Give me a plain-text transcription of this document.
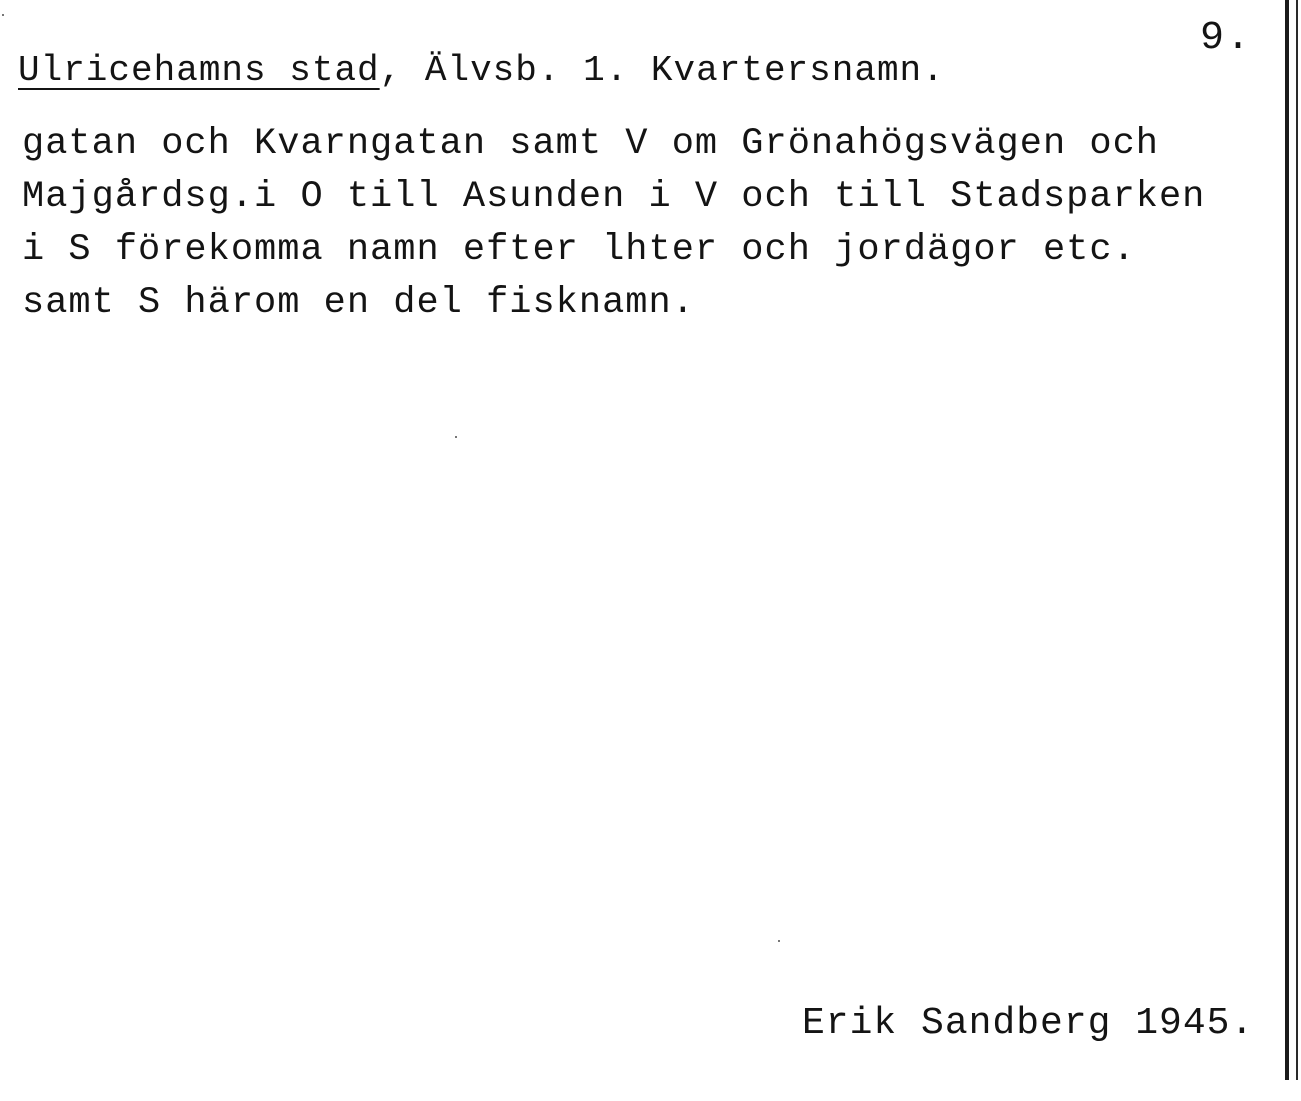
9.
Ulricehamns stad, Älvsb. 1. Kvartersnamn.
gatan och Kvarngatan samt V om Grönahögsvägen och
Majgårdsg.i O till Asunden i V och till Stadsparken
i S förekomma namn efter lhter och jordägor etc.
samt S härom en del fisknamn.
Erik Sandberg 1945.
